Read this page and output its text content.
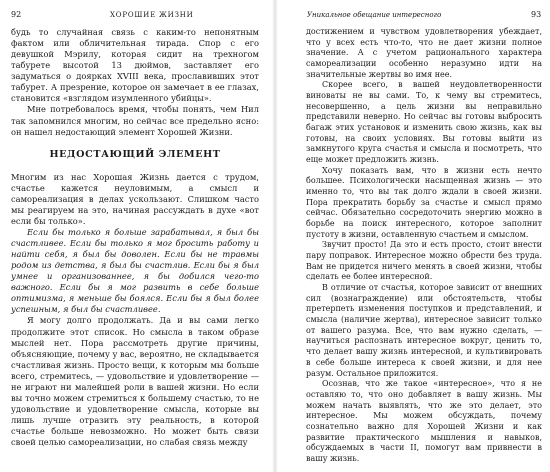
92	ХОРОШИЕ ЖИЗНИ

будь то случайная связь с каким-то непонятным фактом или обличительная тирада. Спор с его девушкой Мэрилу, которая сидит на трехногом табурете высотой 13 дюймов, заставляет его задуматься о доярках XVIII века, прославивших этот табурет. А презрение, которое он замечает в ее глазах, становится «взглядом изумленного убийцы».

Мне потребовалось время, чтобы понять, чем Нил так запомнился многим, но сейчас все предельно ясно: он нашел недостающий элемент Хорошей Жизни.

НЕДОСТАЮЩИЙ ЭЛЕМЕНТ

Многим из нас Хорошая Жизнь дается с трудом, счастье кажется неуловимым, а смысл и самореализация в делах ускользают. Слишком часто мы реагируем на это, начиная рассуждать в духе «вот если бы только».

Если бы только я больше зарабатывал, я был бы счастливее. Если бы только я мог бросить работу и найти себя, я был бы доволен. Если бы не травмы родом из детства, я был бы счастлив. Если бы я был умнее и организованнее, я бы добился чего-то важного. Если бы я мог развить в себе больше оптимизма, я меньше бы боялся. Если бы я был более успешным, я был бы счастливее.

Я могу долго продолжать. Да и вы сами легко продолжите этот список. Но смысла в таком образе мыслей нет. Пора рассмотреть другие причины, объясняющие, почему у вас, вероятно, не складывается счастливая жизнь. Просто вещи, к которым мы больше всего, стремитесь, — удовольствие и удовлетворение — не играют ни малейшей роли в вашей жизни. Но если вы точно можем стремиться к большему счастью, то не удовольствие и удовлетворение смысла, которые вы лишь лучше отразить эту реальность, в которой счастье больше невозможно. Но может быть связи своей целью самореализации, но слабая связь между

Уникальное обещание интересного	93

достижением и чувством удовлетворения убеждает, что у всех есть что-то, что не дает жизни полное значение. А с учетом рационального характера самореализации особенно неразумно идти на значительные жертвы во имя нее.

Скорее всего, в вашей неудовлетворенности виноваты не вы сами. То, к чему вы стремитесь, несовершенно, а цель жизни вы неправильно представили неверно. Но сейчас вы готовы выбросить багаж этих установок и изменить свою жизнь, как вы готовы, на своих условиях. Вы готовы выйти из замкнутого круга счастья и смысла и посмотреть, что еще может предложить жизнь.

Хочу показать вам, что в жизни есть нечто большее. Психологически насыщенная жизнь — это именно то, что вы так долго ждали в своей жизни. Пора прекратить борьбу за счастье и смысл прямо сейчас. Обязательно сосредоточить энергию можно в борьбе на поиск интересного, которое заполнит пустоту в жизни, оставленную счастьем и смыслом.

Звучит просто! Да это и есть просто, стоит внести пару поправок. Интересное можно обрести без труда. Вам не придется ничего менять в своей жизни, чтобы сделать ее более интересной.

В отличие от счастья, которое зависит от внешних сил (вознаграждение) или обстоятельств, чтобы претерпеть изменения поступков и представлений, и смысла (наличие жертва), интересное зависит только от вашего разума. Все, что вам нужно сделать, — научиться распознать интересное вокруг, ценить то, что делает вашу жизнь интересной, и культивировать в себе больше интереса к своей жизни, и для нее разум. Остальное приложится.

Осознав, что же такое «интересное», что я не оставляю то, что оно добавляет в вашу жизнь. Мы можем начать выявлять, что же это делает, это интересное. Мы можем обсуждать, почему сознательно важно для Хорошей Жизни и как развитие практического мышления и навыков, обсуждаемых в части II, помогут вам привнести в вашу жизнь.
